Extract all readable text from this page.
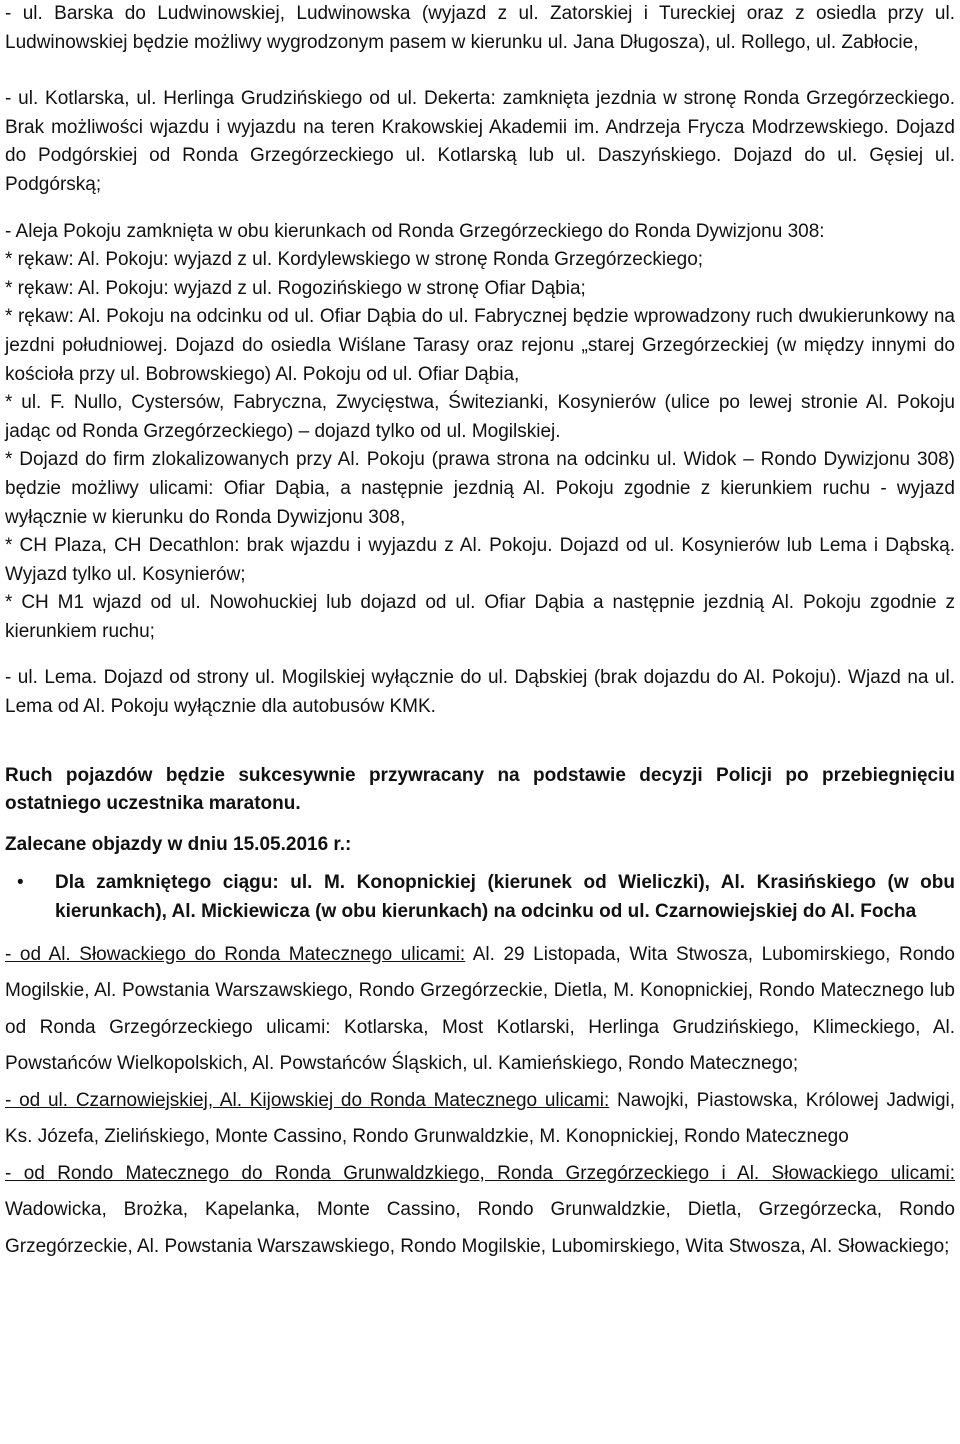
- ul. Barska do Ludwinowskiej, Ludwinowska (wyjazd z ul. Zatorskiej i Tureckiej oraz z osiedla przy ul. Ludwinowskiej będzie możliwy wygrodzonym pasem w kierunku ul. Jana Długosza), ul. Rollego, ul. Zabłocie,

- ul. Kotlarska, ul. Herlinga Grudzińskiego od ul. Dekerta: zamknięta jezdnia w stronę Ronda Grzegórzeckiego. Brak możliwości wjazdu i wyjazdu na teren Krakowskiej Akademii im. Andrzeja Frycza Modrzewskiego. Dojazd do Podgórskiej od Ronda Grzegórzeckiego ul. Kotlarską lub ul. Daszyńskiego. Dojazd do ul. Gęsiej ul. Podgórską;

- Aleja Pokoju zamknięta w obu kierunkach od Ronda Grzegórzeckiego do Ronda Dywizjonu 308:

* rękaw: Al. Pokoju: wyjazd z ul. Kordylewskiego w stronę Ronda Grzegórzeckiego;

* rękaw: Al. Pokoju: wyjazd z ul. Rogozińskiego w stronę Ofiar Dąbia;

* rękaw: Al. Pokoju na odcinku od ul. Ofiar Dąbia do ul. Fabrycznej będzie wprowadzony ruch dwukierunkowy na jezdni południowej. Dojazd do osiedla Wiślane Tarasy oraz rejonu „starej Grzegórzeckiej (w między innymi do kościoła przy ul. Bobrowskiego) Al. Pokoju od ul. Ofiar Dąbia,

* ul. F. Nullo, Cystersów, Fabryczna, Zwycięstwa, Świtezianki, Kosynierów (ulice po lewej stronie Al. Pokoju jadąc od Ronda Grzegórzeckiego) – dojazd tylko od ul. Mogilskiej.

* Dojazd do firm zlokalizowanych przy Al. Pokoju (prawa strona na odcinku ul. Widok – Rondo Dywizjonu 308) będzie możliwy ulicami: Ofiar Dąbia, a następnie jezdnią Al. Pokoju zgodnie z kierunkiem ruchu - wyjazd wyłącznie w kierunku do Ronda Dywizjonu 308,

* CH Plaza, CH Decathlon: brak wjazdu i wyjazdu z Al. Pokoju. Dojazd od ul. Kosynierów lub Lema i Dąbską. Wyjazd tylko ul. Kosynierów;

* CH M1 wjazd od ul. Nowohuckiej lub dojazd od ul. Ofiar Dąbia a następnie jezdnią Al. Pokoju zgodnie z kierunkiem ruchu;

- ul. Lema. Dojazd od strony ul. Mogilskiej wyłącznie do ul. Dąbskiej (brak dojazdu do Al. Pokoju). Wjazd na ul. Lema od Al. Pokoju wyłącznie dla autobusów KMK.

Ruch pojazdów będzie sukcesywnie przywracany na podstawie decyzji Policji po przebiegnięciu ostatniego uczestnika maratonu.

Zalecane objazdy w dniu 15.05.2016 r.:

•	Dla zamkniętego ciągu: ul. M. Konopnickiej (kierunek od Wieliczki), Al. Krasińskiego (w obu kierunkach), Al. Mickiewicza (w obu kierunkach) na odcinku od ul. Czarnowiejskiej do Al. Focha

- od Al. Słowackiego do Ronda Matecznego ulicami: Al. 29 Listopada, Wita Stwosza, Lubomirskiego, Rondo Mogilskie, Al. Powstania Warszawskiego, Rondo Grzegórzeckie, Dietla, M. Konopnickiej, Rondo Matecznego lub od Ronda Grzegórzeckiego ulicami: Kotlarska, Most Kotlarski, Herlinga Grudzińskiego, Klimeckiego, Al. Powstańców Wielkopolskich, Al. Powstańców Śląskich, ul. Kamieńskiego, Rondo Matecznego;

- od ul. Czarnowiejskiej, Al. Kijowskiej do Ronda Matecznego ulicami: Nawojki, Piastowska, Królowej Jadwigi, Ks. Józefa, Zielińskiego, Monte Cassino, Rondo Grunwaldzkie, M. Konopnickiej, Rondo Matecznego

- od Rondo Matecznego do Ronda Grunwaldzkiego, Ronda Grzegórzeckiego i Al. Słowackiego ulicami: Wadowicka, Brożka, Kapelanka, Monte Cassino, Rondo Grunwaldzkie, Dietla, Grzegórzecka, Rondo Grzegórzeckie, Al. Powstania Warszawskiego, Rondo Mogilskie, Lubomirskiego, Wita Stwosza, Al. Słowackiego;
